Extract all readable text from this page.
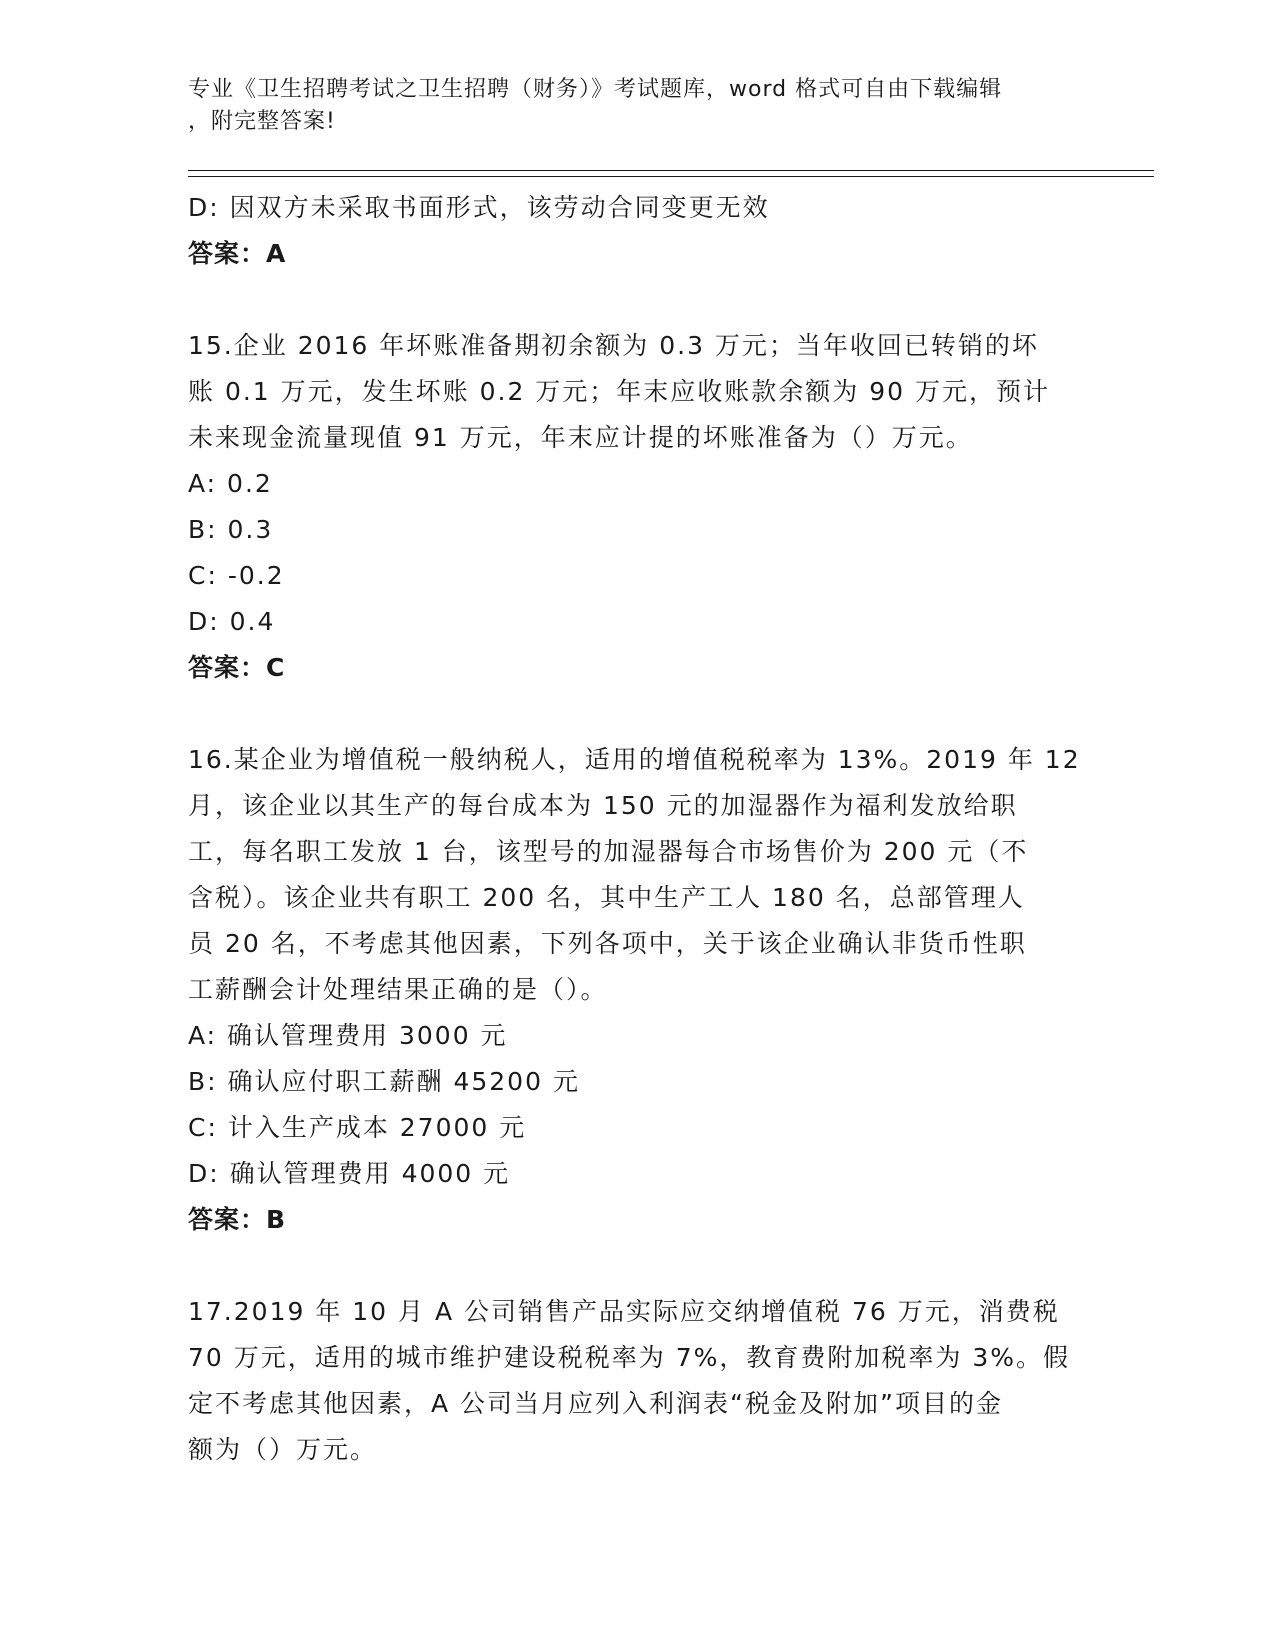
专业《卫生招聘考试之卫生招聘（财务）》考试题库，word 格式可自由下载编辑
，附完整答案!
D: 因双方未采取书面形式，该劳动合同变更无效
答案：A
15.企业 2016 年坏账准备期初余额为 0.3 万元；当年收回已转销的坏
账 0.1 万元，发生坏账 0.2 万元；年末应收账款余额为 90 万元，预计
未来现金流量现值 91 万元，年末应计提的坏账准备为（）万元。
A: 0.2
B: 0.3
C: -0.2
D: 0.4
答案：C
16.某企业为增值税一般纳税人，适用的增值税税率为 13%。2019 年 12
月，该企业以其生产的每台成本为 150 元的加湿器作为福利发放给职
工，每名职工发放 1 台，该型号的加湿器每合市场售价为 200 元（不
含税）。该企业共有职工 200 名，其中生产工人 180 名，总部管理人
员 20 名，不考虑其他因素，下列各项中，关于该企业确认非货币性职
工薪酬会计处理结果正确的是（）。
A: 确认管理费用 3000 元
B: 确认应付职工薪酬 45200 元
C: 计入生产成本 27000 元
D: 确认管理费用 4000 元
答案：B
17.2019 年 10 月 A 公司销售产品实际应交纳增值税 76 万元，消费税
70 万元，适用的城市维护建设税税率为 7%，教育费附加税率为 3%。假
定不考虑其他因素，A 公司当月应列入利润表“税金及附加”项目的金
额为（）万元。
